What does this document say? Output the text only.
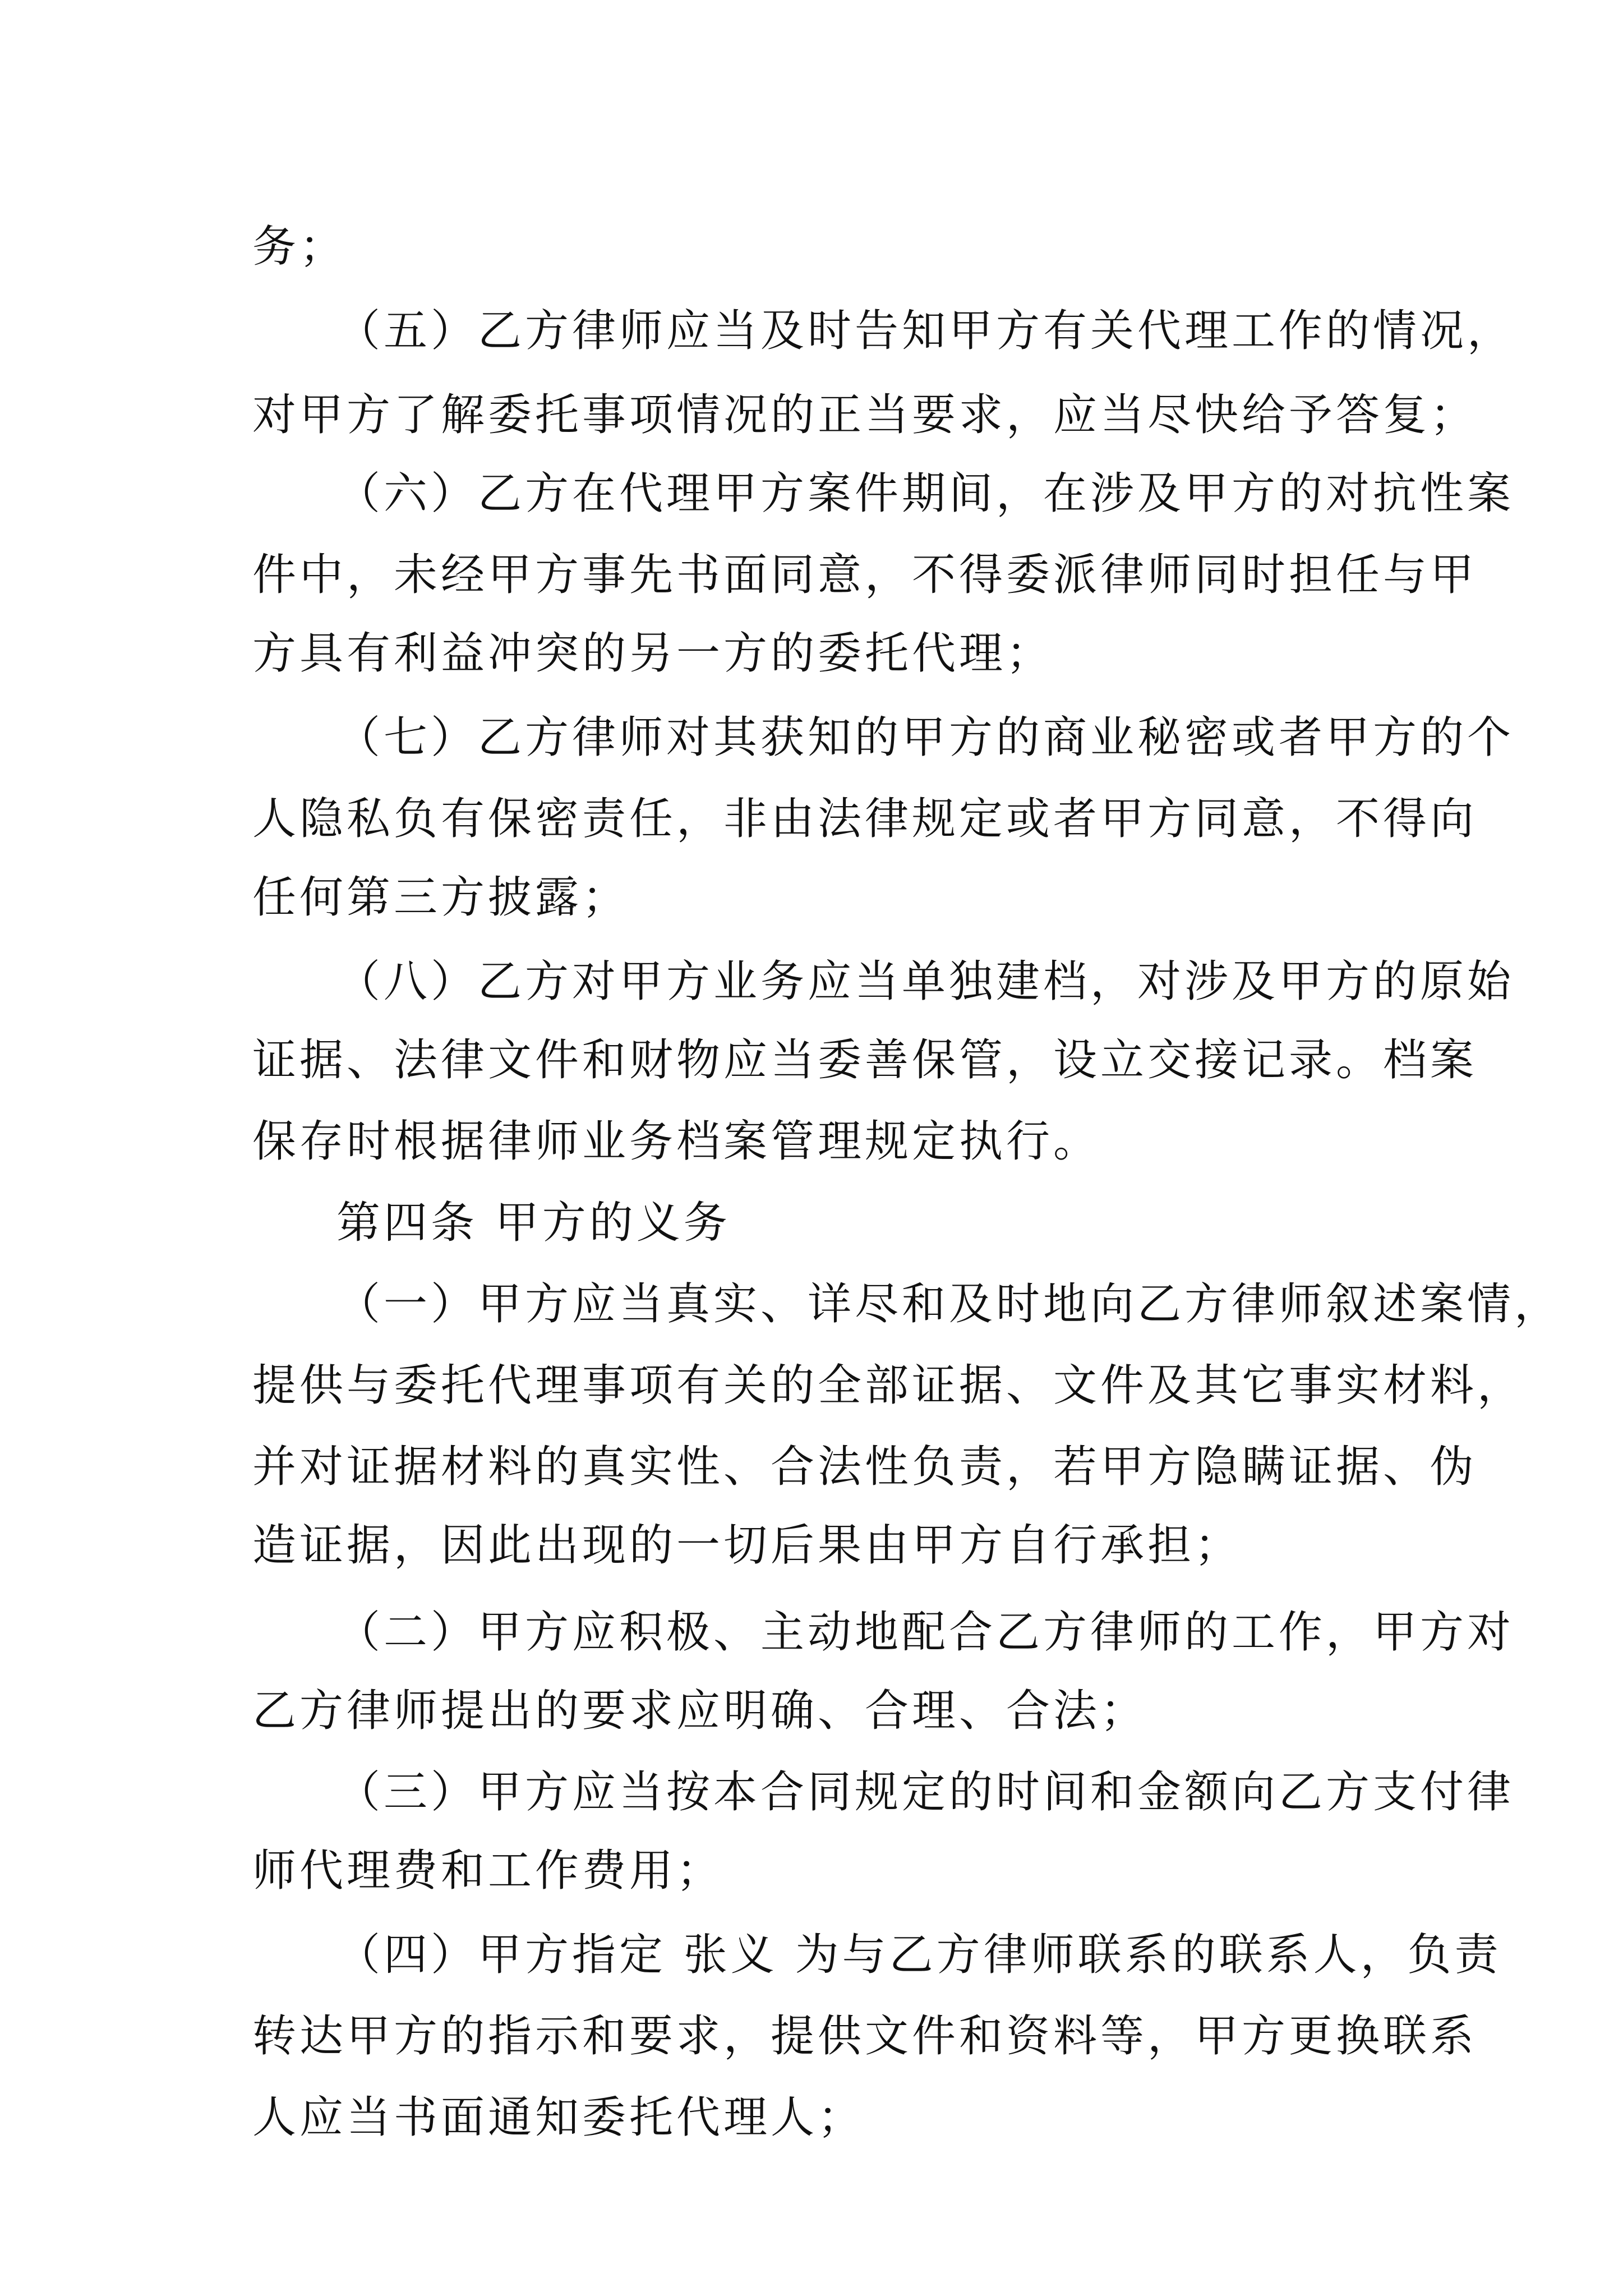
务；

（五）乙方律师应当及时告知甲方有关代理工作的情况，

对甲方了解委托事项情况的正当要求，应当尽快给予答复；

（六）乙方在代理甲方案件期间，在涉及甲方的对抗性案

件中，未经甲方事先书面同意，不得委派律师同时担任与甲

方具有利益冲突的另一方的委托代理；

（七）乙方律师对其获知的甲方的商业秘密或者甲方的个

人隐私负有保密责任，非由法律规定或者甲方同意，不得向

任何第三方披露；

（八）乙方对甲方业务应当单独建档，对涉及甲方的原始

证据、法律文件和财物应当委善保管，设立交接记录。档案

保存时根据律师业务档案管理规定执行。

第四条 甲方的义务

（一）甲方应当真实、详尽和及时地向乙方律师叙述案情，

提供与委托代理事项有关的全部证据、文件及其它事实材料，

并对证据材料的真实性、合法性负责，若甲方隐瞒证据、伪

造证据，因此出现的一切后果由甲方自行承担；

（二）甲方应积极、主动地配合乙方律师的工作，甲方对

乙方律师提出的要求应明确、合理、合法；

（三）甲方应当按本合同规定的时间和金额向乙方支付律

师代理费和工作费用；

（四）甲方指定 张义 为与乙方律师联系的联系人，负责

转达甲方的指示和要求，提供文件和资料等，甲方更换联系

人应当书面通知委托代理人；
